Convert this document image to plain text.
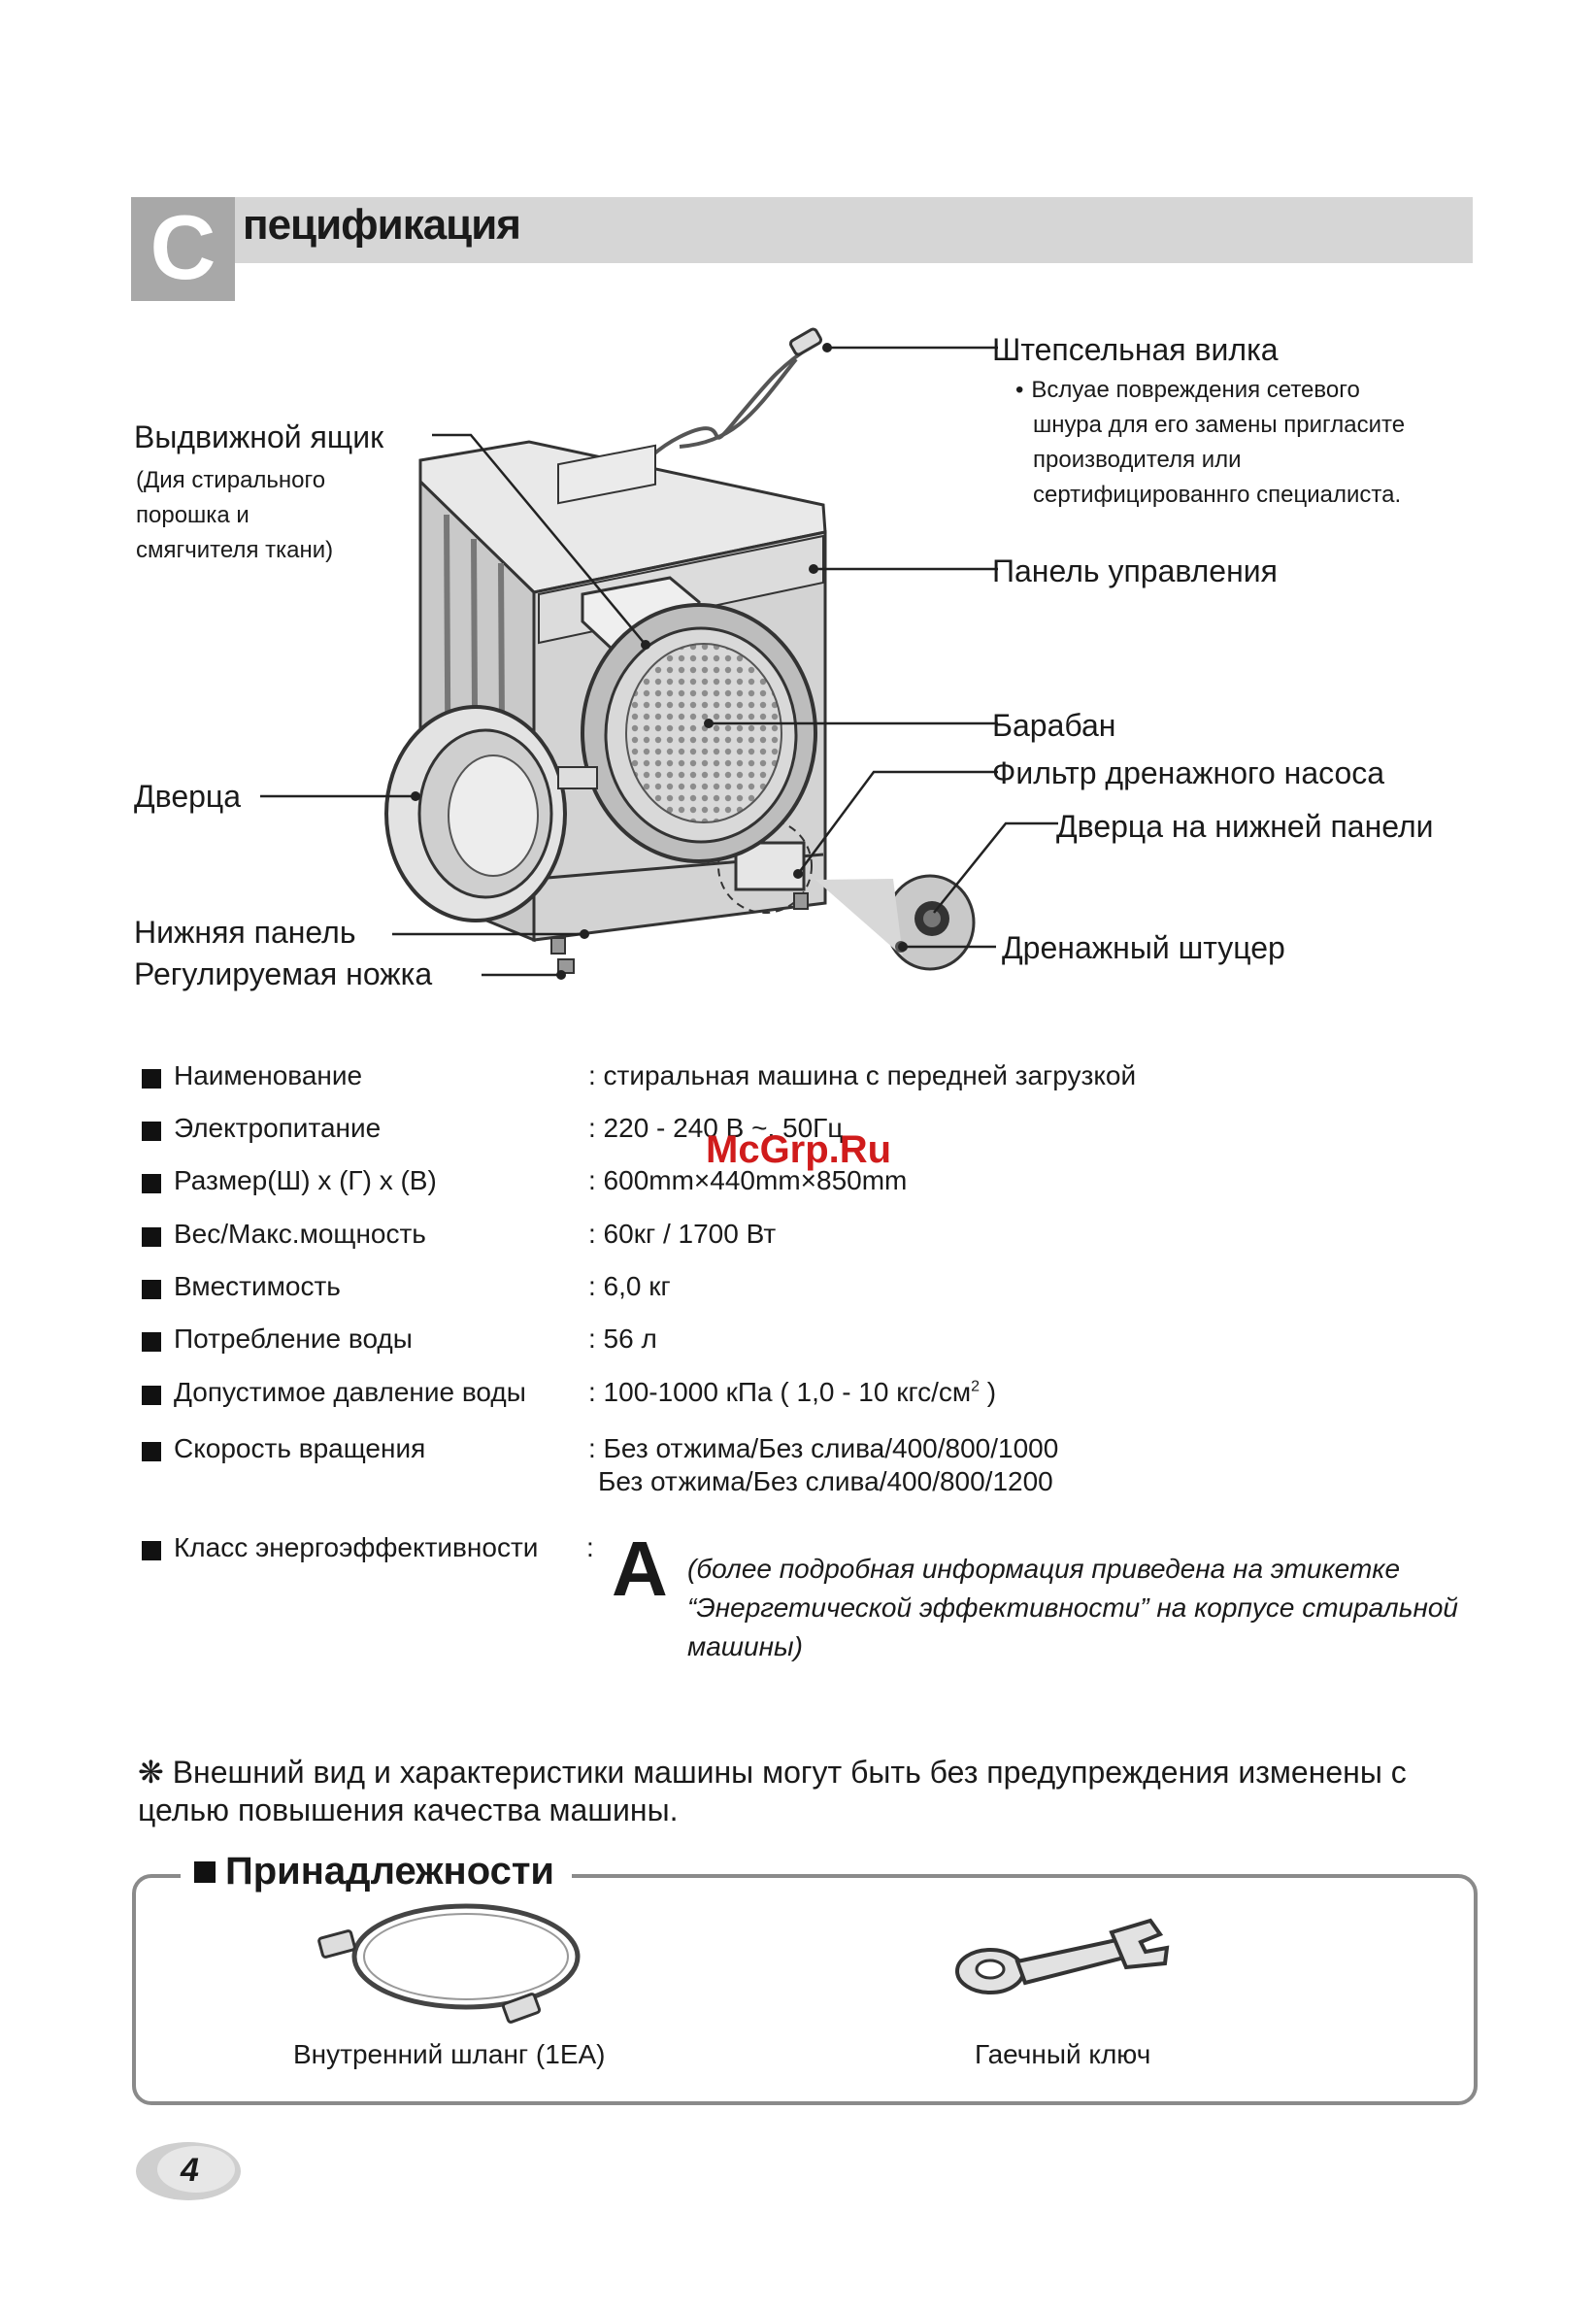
С пецификация
Штепсельная вилка
• Вслуае повреждения сетевого
шнура для его замены пригласите
производителя или
сертифицированнго специалиста.
Выдвижной ящик
(Дия стирального
порошка и
смягчителя ткани)
Панель управления
Барабан
Фильтр дренажного насоса
Дверца на нижней панели
Дверца
Дренажный штуцер
Нижняя панель
Регулируемая ножка
Наименование	: стиральная машина с передней загрузкой
Электропитание	: 220 - 240 В ~, 50Гц
Размер(Ш) x (Г) x (В)	: 600mm×440mm×850mm
Вес/Макс.мощность	: 60кг / 1700 Вт
Вместимость	: 6,0 кг
Потребление воды	: 56 л
Допустимое давление воды : 100-1000 кПа ( 1,0 - 10 кгс/$см^2$ )
Скорость вращения	: Без отжима/Без слива/400/800/1000
Без отжима/Без слива/400/800/1200
Класс энергоэффективности : A (более подробная информация приведена на этикетке “Энергетической эффективности” на корпусе стиральной машины)
McGrp.Ru
❋ Внешний вид и характеристики машины могут быть без предупреждения изменены с целью повышения качества машины.
Принадлежности
Внутренний шланг (1EA)	Гаечный ключ
4
